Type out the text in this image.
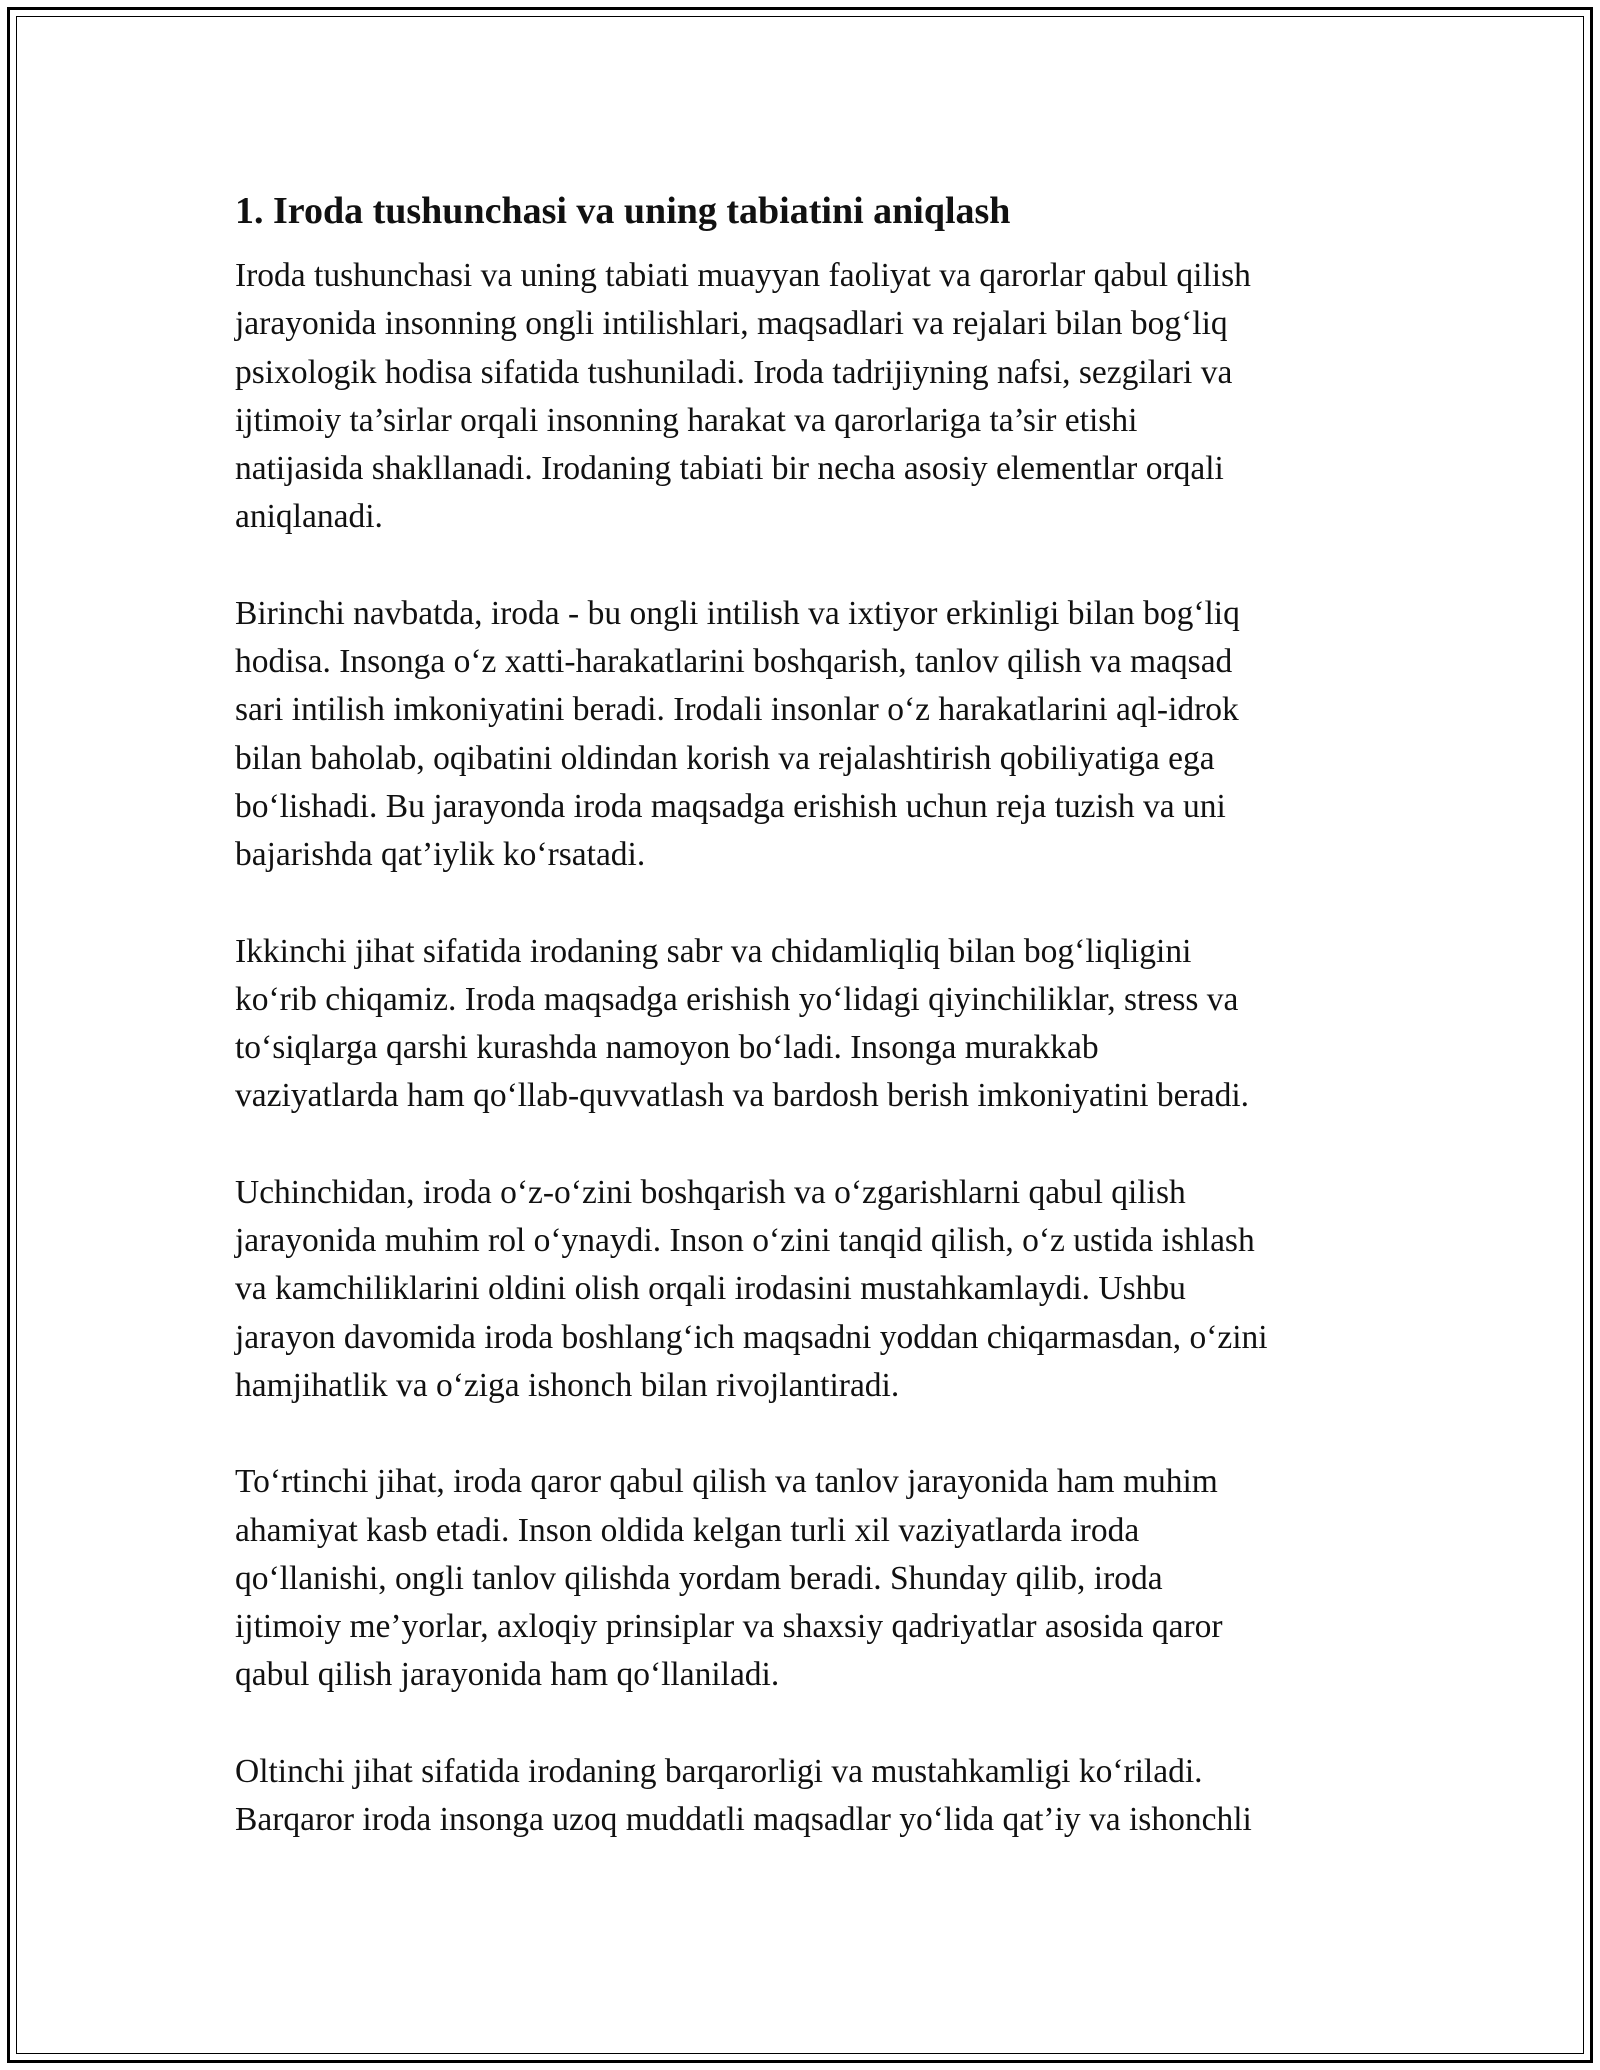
1. Iroda tushunchasi va uning tabiatini aniqlash

Iroda tushunchasi va uning tabiati muayyan faoliyat va qarorlar qabul qilish
jarayonida insonning ongli intilishlari, maqsadlari va rejalari bilan bog‘liq
psixologik hodisa sifatida tushuniladi. Iroda tadrijiyning nafsi, sezgilari va
ijtimoiy ta’sirlar orqali insonning harakat va qarorlariga ta’sir etishi
natijasida shakllanadi. Irodaning tabiati bir necha asosiy elementlar orqali
aniqlanadi.

Birinchi navbatda, iroda - bu ongli intilish va ixtiyor erkinligi bilan bog‘liq
hodisa. Insonga o‘z xatti-harakatlarini boshqarish, tanlov qilish va maqsad
sari intilish imkoniyatini beradi. Irodali insonlar o‘z harakatlarini aql-idrok
bilan baholab, oqibatini oldindan korish va rejalashtirish qobiliyatiga ega
bo‘lishadi. Bu jarayonda iroda maqsadga erishish uchun reja tuzish va uni
bajarishda qat’iylik ko‘rsatadi.

Ikkinchi jihat sifatida irodaning sabr va chidamliqliq bilan bog‘liqligini
ko‘rib chiqamiz. Iroda maqsadga erishish yo‘lidagi qiyinchiliklar, stress va
to‘siqlarga qarshi kurashda namoyon bo‘ladi. Insonga murakkab
vaziyatlarda ham qo‘llab-quvvatlash va bardosh berish imkoniyatini beradi.

Uchinchidan, iroda o‘z-o‘zini boshqarish va o‘zgarishlarni qabul qilish
jarayonida muhim rol o‘ynaydi. Inson o‘zini tanqid qilish, o‘z ustida ishlash
va kamchiliklarini oldini olish orqali irodasini mustahkamlaydi. Ushbu
jarayon davomida iroda boshlang‘ich maqsadni yoddan chiqarmasdan, o‘zini
hamjihatlik va o‘ziga ishonch bilan rivojlantiradi.

To‘rtinchi jihat, iroda qaror qabul qilish va tanlov jarayonida ham muhim
ahamiyat kasb etadi. Inson oldida kelgan turli xil vaziyatlarda iroda
qo‘llanishi, ongli tanlov qilishda yordam beradi. Shunday qilib, iroda
ijtimoiy me’yorlar, axloqiy prinsiplar va shaxsiy qadriyatlar asosida qaror
qabul qilish jarayonida ham qo‘llaniladi.

Oltinchi jihat sifatida irodaning barqarorligi va mustahkamligi ko‘riladi.
Barqaror iroda insonga uzoq muddatli maqsadlar yo‘lida qat’iy va ishonchli
